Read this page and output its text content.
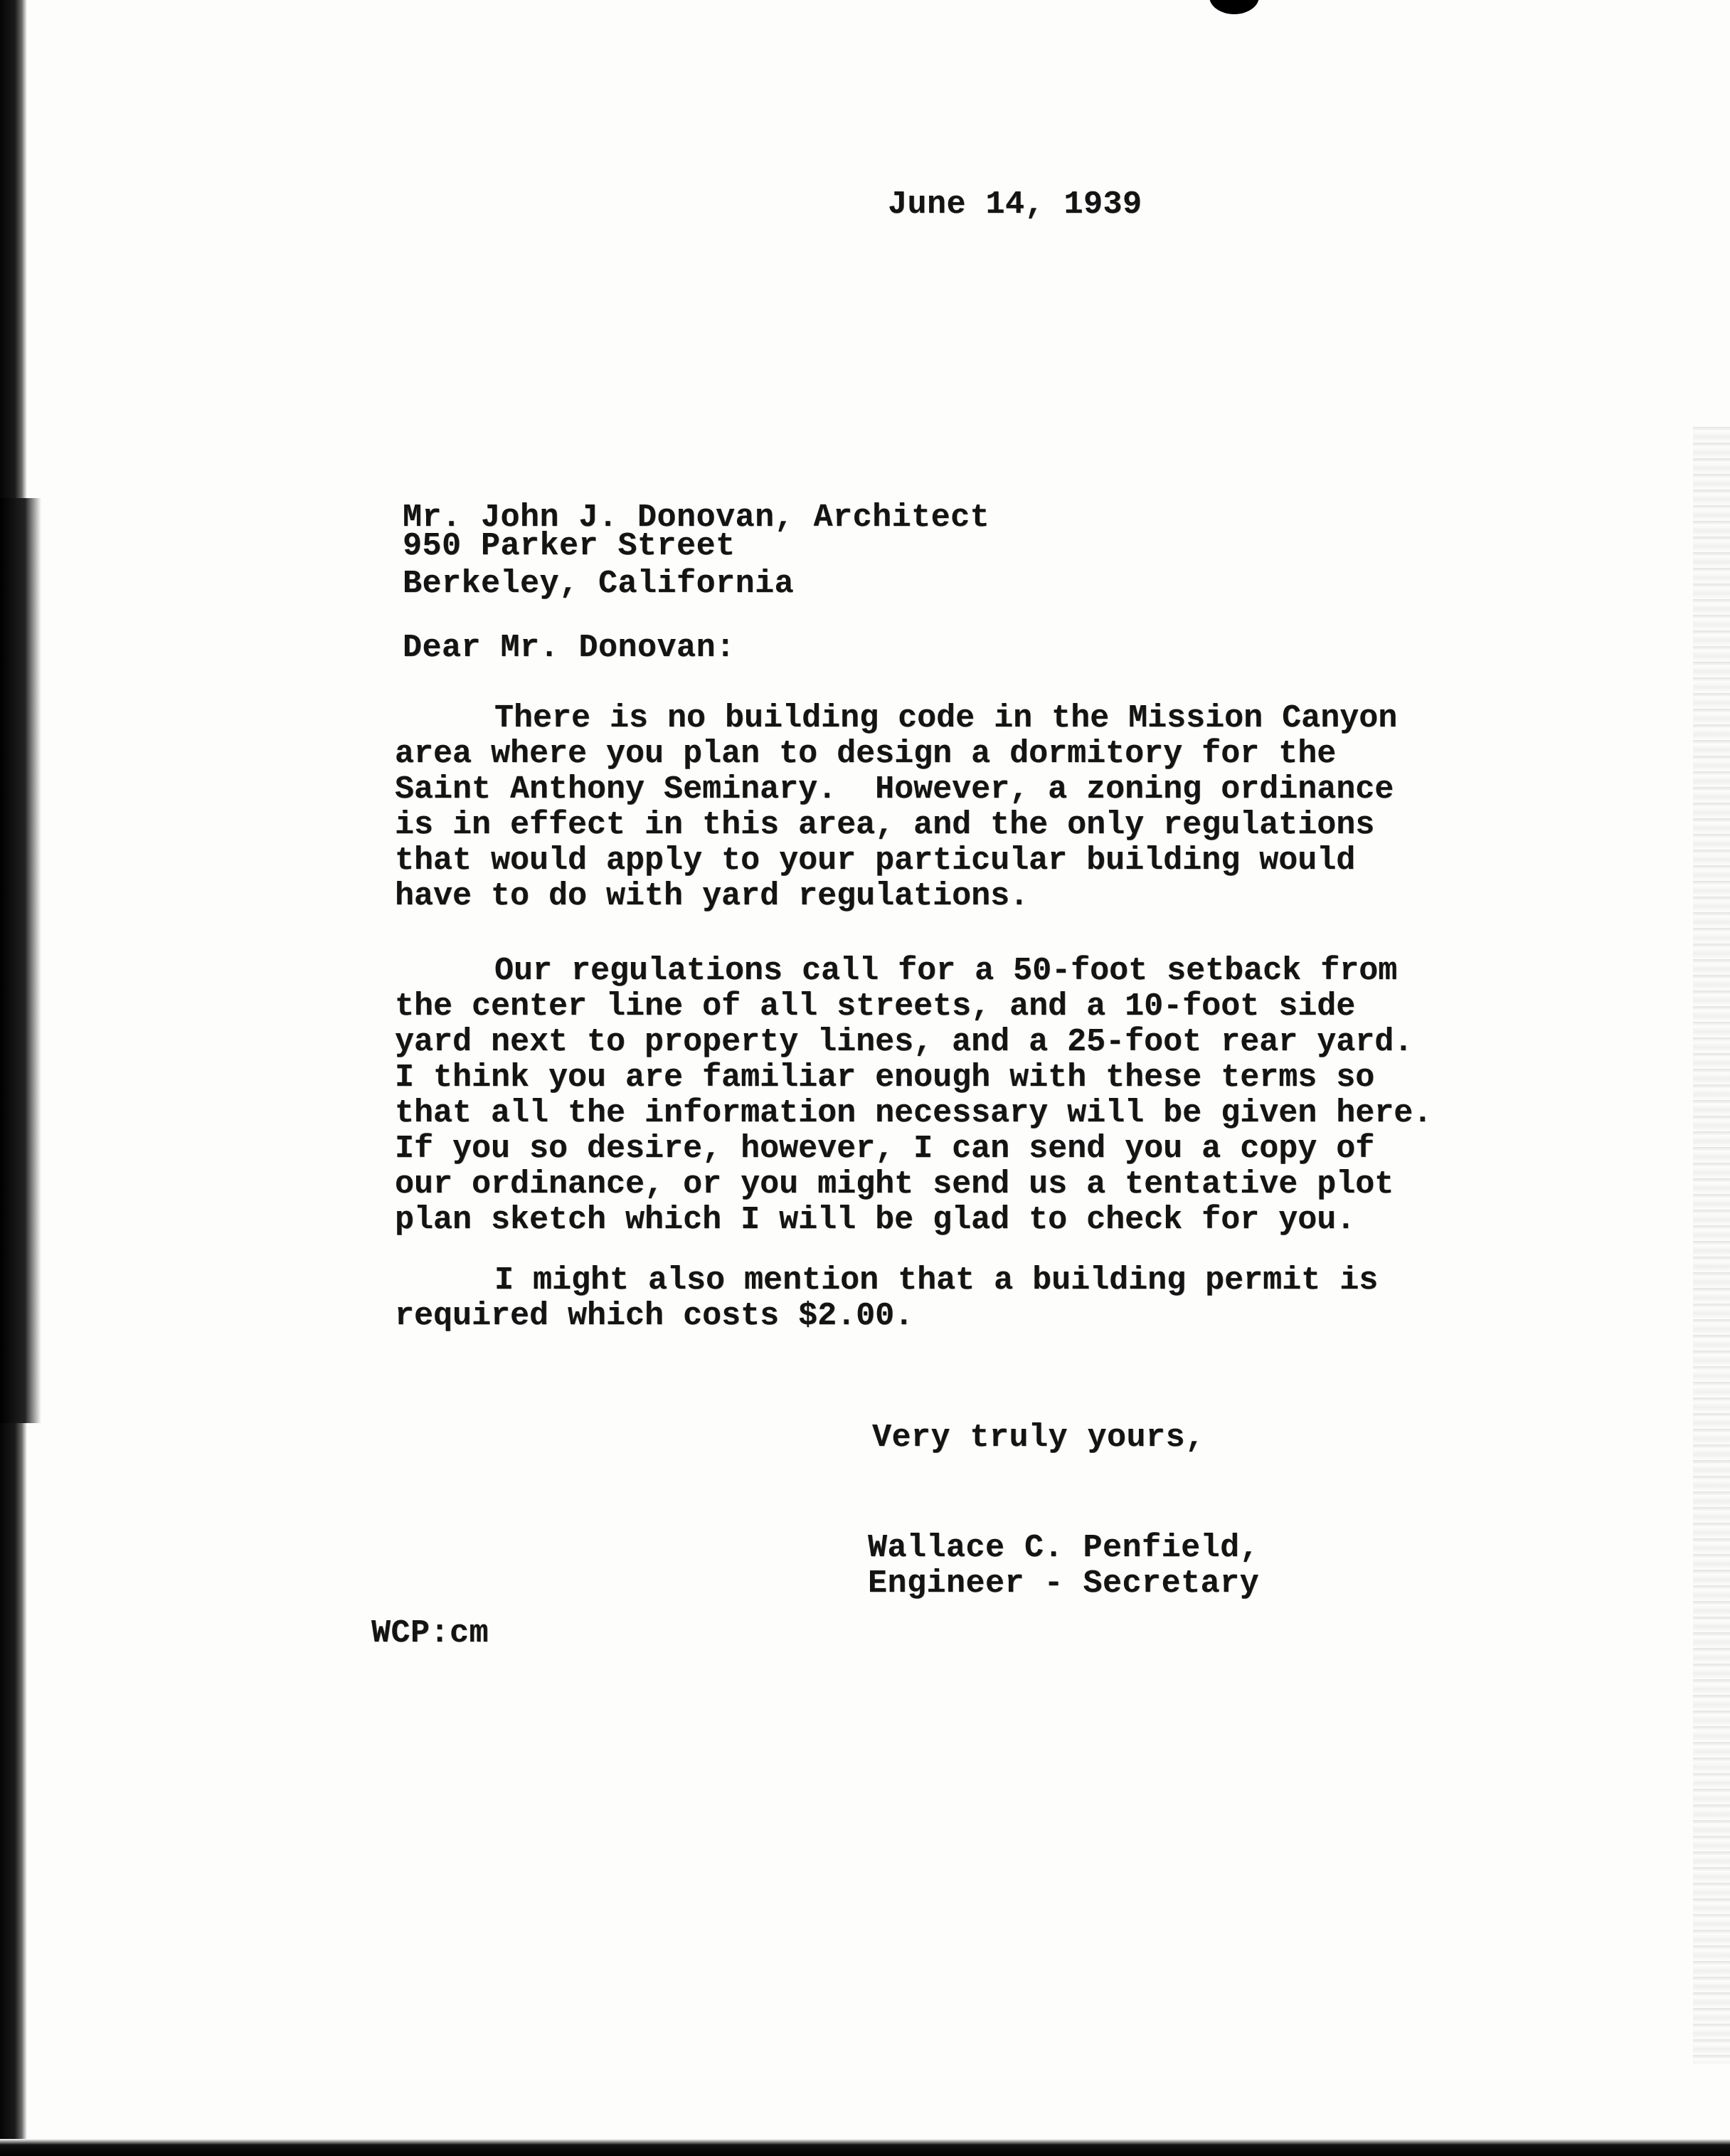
June 14, 1939
Mr. John J. Donovan, Architect
950 Parker Street
Berkeley, California
Dear Mr. Donovan:
There is no building code in the Mission Canyon
area where you plan to design a dormitory for the
Saint Anthony Seminary.  However, a zoning ordinance
is in effect in this area, and the only regulations
that would apply to your particular building would
have to do with yard regulations.
Our regulations call for a 50-foot setback from
the center line of all streets, and a 10-foot side
yard next to property lines, and a 25-foot rear yard.
I think you are familiar enough with these terms so
that all the information necessary will be given here.
If you so desire, however, I can send you a copy of
our ordinance, or you might send us a tentative plot
plan sketch which I will be glad to check for you.
I might also mention that a building permit is
required which costs $2.00.
Very truly yours,
Wallace C. Penfield,
Engineer - Secretary
WCP:cm
